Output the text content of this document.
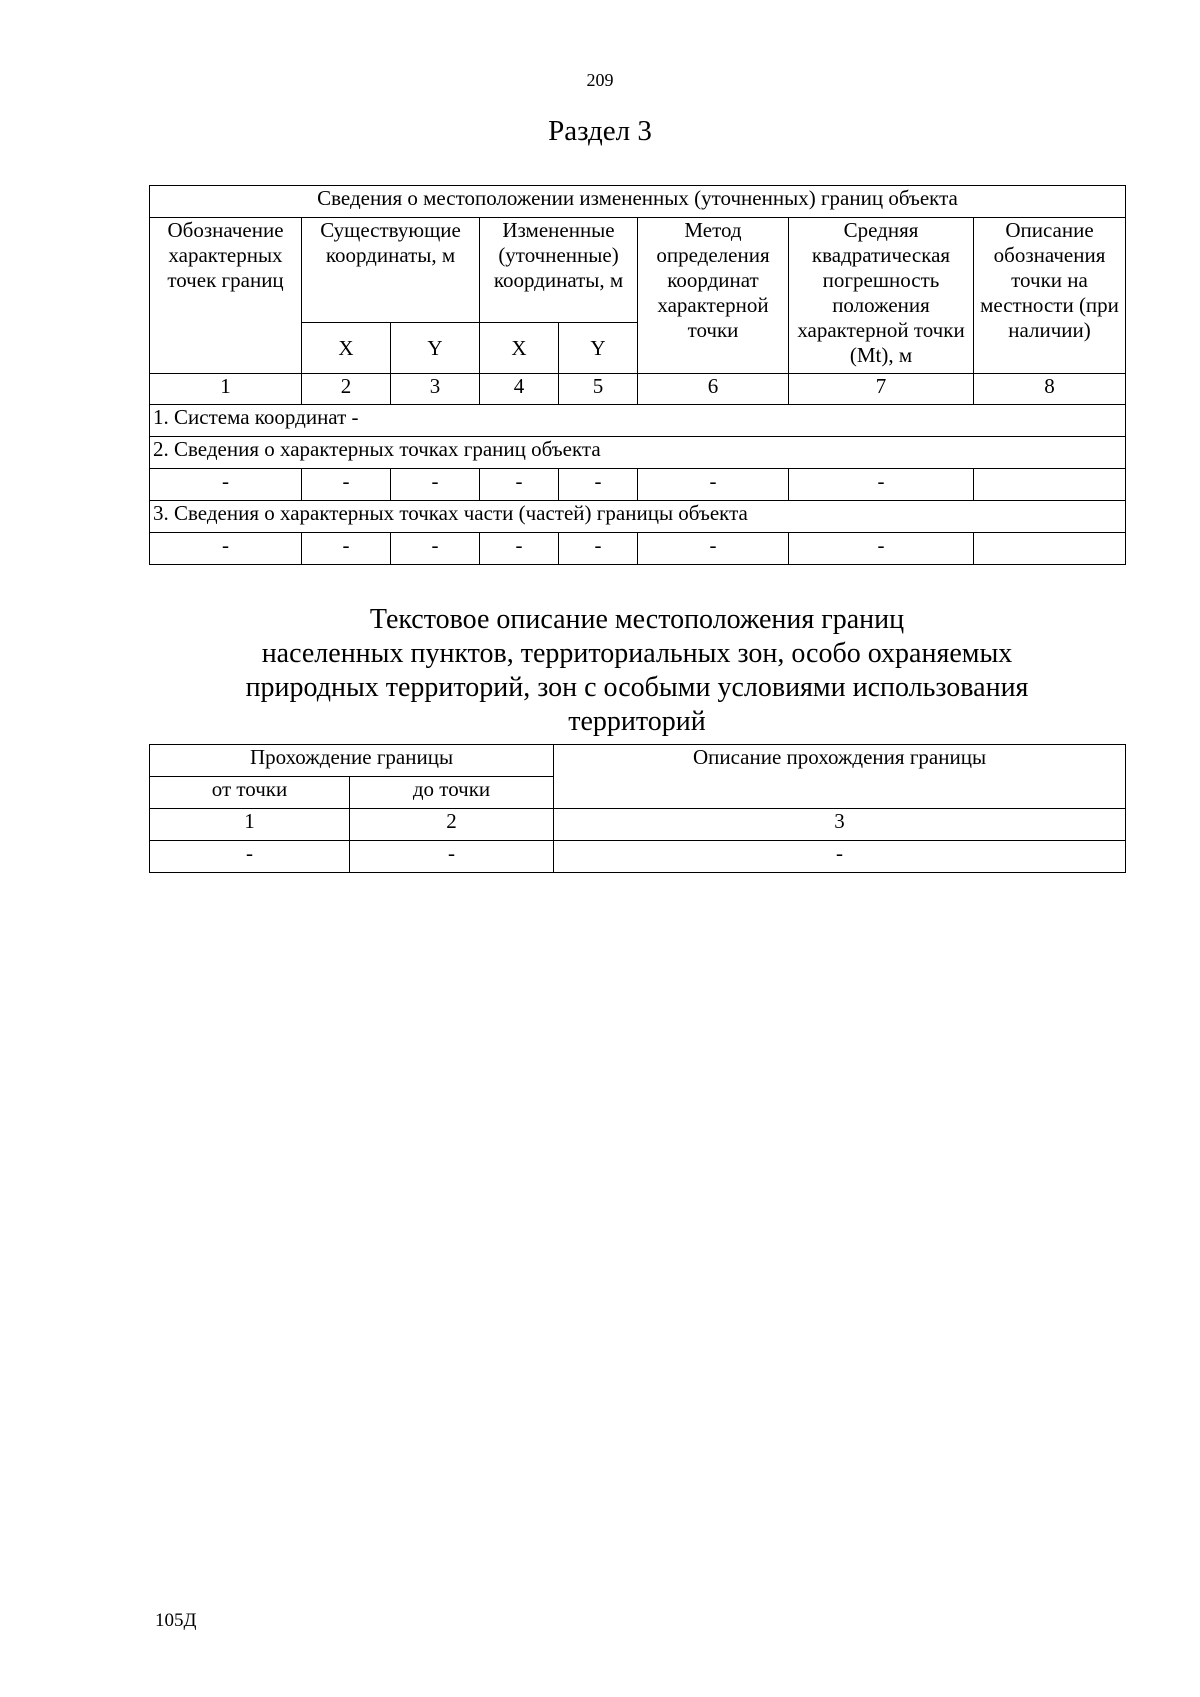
209
Раздел 3
Сведения о местоположении измененных (уточненных) границ объекта							
Обозначение характерных точек границ	Существующие координаты, м		Измененные (уточненные) координаты, м		Метод определения координат характерной точки	Средняя квадратическая погрешность положения характерной точки (Mt), м	Описание обозначения точки на местности (при наличии)
	X	Y	X	Y			
1	2	3	4	5	6	7	8
1. Система координат -							
2. Сведения о характерных точках границ объекта							
-	-	-	-	-	-	-	
3. Сведения о характерных точках части (частей) границы объекта							
-	-	-	-	-	-	-	
Текстовое описание местоположения границ
населенных пунктов, территориальных зон, особо охраняемых
природных территорий, зон с особыми условиями использования
территорий
Прохождение границы		Описание прохождения границы
от точки	до точки	
1	2	3
-	-	-
105Д
